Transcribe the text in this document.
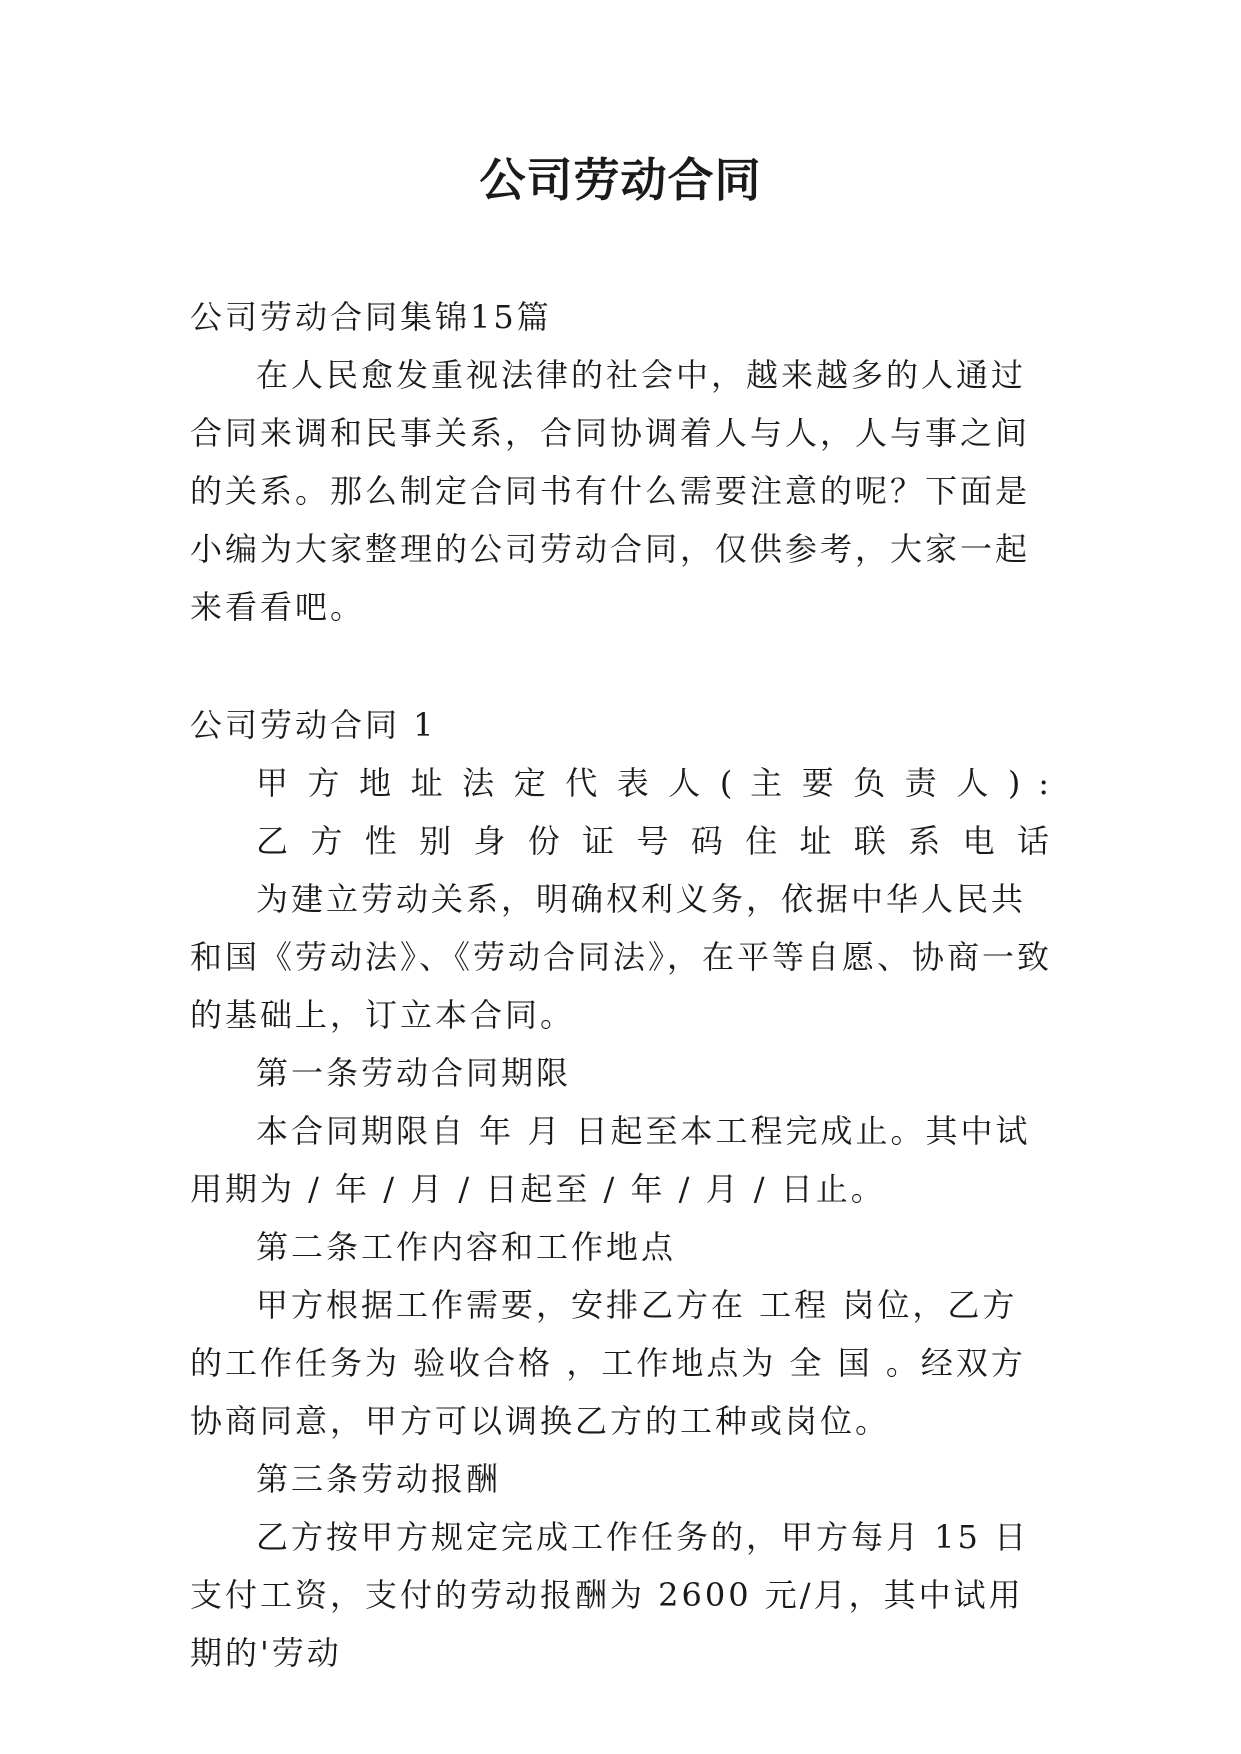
公司劳动合同

公司劳动合同集锦15篇

在人民愈发重视法律的社会中，越来越多的人通过合同来调和民事关系，合同协调着人与人，人与事之间的关系。那么制定合同书有什么需要注意的呢？下面是小编为大家整理的公司劳动合同，仅供参考，大家一起来看看吧。

公司劳动合同 1

甲 方 地 址 法 定 代 表 人 ( 主 要 负 责 人 ) :

乙 方 性 别 身 份 证 号 码 住 址 联 系 电 话

为建立劳动关系，明确权利义务，依据中华人民共和国《劳动法》、《劳动合同法》，在平等自愿、协商一致的基础上，订立本合同。

第一条劳动合同期限

本合同期限自 年 月 日起至本工程完成止。其中试用期为 / 年 / 月 / 日起至 / 年 / 月 / 日止。

第二条工作内容和工作地点

甲方根据工作需要，安排乙方在 工程 岗位，乙方的工作任务为 验收合格 ，工作地点为 全 国 。经双方协商同意，甲方可以调换乙方的工种或岗位。

第三条劳动报酬

乙方按甲方规定完成工作任务的，甲方每月 15 日支付工资，支付的劳动报酬为 2600 元/月，其中试用期的'劳动
